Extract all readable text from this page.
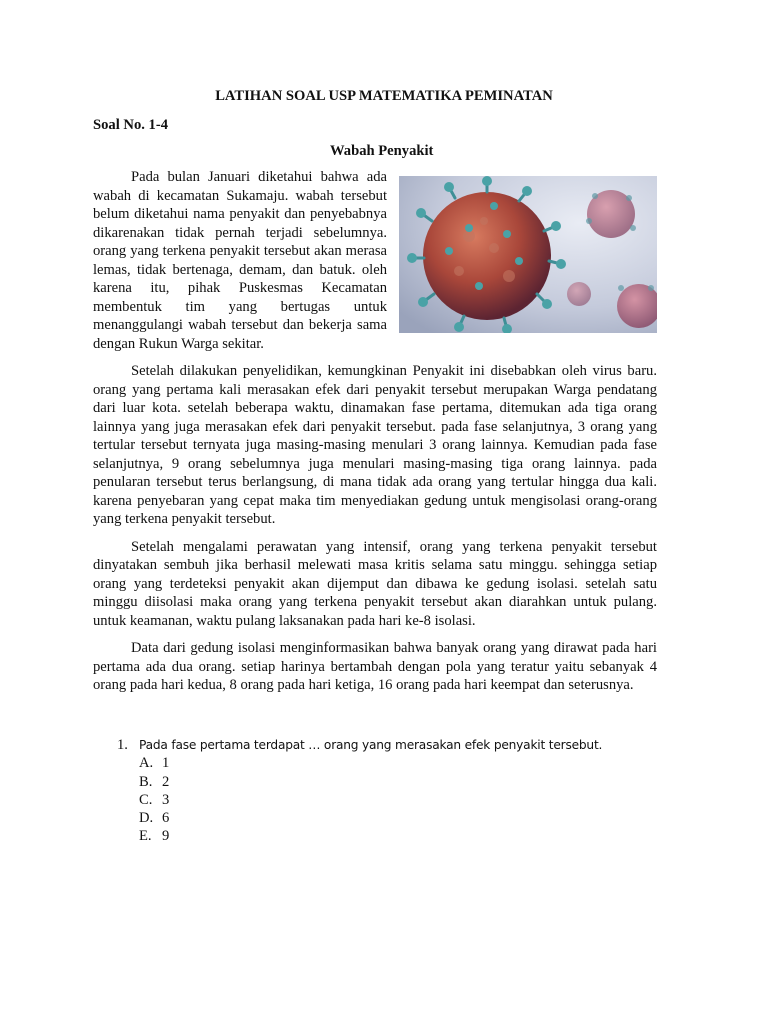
LATIHAN SOAL USP MATEMATIKA PEMINATAN
Soal No. 1-4
Wabah Penyakit

Pada bulan Januari diketahui bahwa ada wabah di kecamatan Sukamaju. wabah tersebut belum diketahui nama penyakit dan penyebabnya dikarenakan tidak pernah terjadi sebelumnya. orang yang terkena penyakit tersebut akan merasa lemas, tidak bertenaga, demam, dan batuk. oleh karena itu, pihak Puskesmas Kecamatan membentuk tim yang bertugas untuk menanggulangi wabah tersebut dan bekerja sama dengan Rukun Warga sekitar.

Setelah dilakukan penyelidikan, kemungkinan Penyakit ini disebabkan oleh virus baru. orang yang pertama kali merasakan efek dari penyakit tersebut merupakan Warga pendatang dari luar kota. setelah beberapa waktu, dinamakan fase pertama, ditemukan ada tiga orang lainnya yang juga merasakan efek dari penyakit tersebut. pada fase selanjutnya, 3 orang yang tertular tersebut ternyata juga masing-masing menulari 3 orang lainnya. Kemudian pada fase selanjutnya, 9 orang sebelumnya juga menulari masing-masing tiga orang lainnya. pada penularan tersebut terus berlangsung, di mana tidak ada orang yang tertular hingga dua kali. karena penyebaran yang cepat maka tim menyediakan gedung untuk mengisolasi orang-orang yang terkena penyakit tersebut.

Setelah mengalami perawatan yang intensif, orang yang terkena penyakit tersebut dinyatakan sembuh jika berhasil melewati masa kritis selama satu minggu. sehingga setiap orang yang terdeteksi penyakit akan dijemput dan dibawa ke gedung isolasi. setelah satu minggu diisolasi maka orang yang terkena penyakit tersebut akan diarahkan untuk pulang. untuk keamanan, waktu pulang laksanakan pada hari ke-8 isolasi.

Data dari gedung isolasi menginformasikan bahwa banyak orang yang dirawat pada hari pertama ada dua orang. setiap harinya bertambah dengan pola yang teratur yaitu sebanyak 4 orang pada hari kedua, 8 orang pada hari ketiga, 16 orang pada hari keempat dan seterusnya.

1. Pada fase pertama terdapat … orang yang merasakan efek penyakit tersebut.
A. 1
B. 2
C. 3
D. 6
E. 9
